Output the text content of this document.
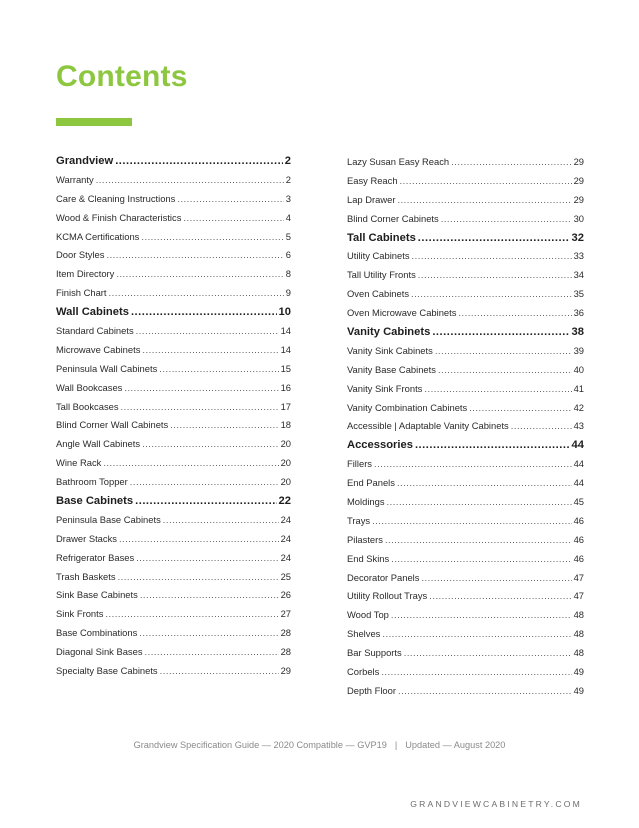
Contents
Grandview .....	2
Warranty .....	2
Care & Cleaning Instructions .....	3
Wood & Finish Characteristics .....	4
KCMA Certifications .....	5
Door Styles .....	6
Item Directory .....	8
Finish Chart .....	9
Wall Cabinets .....	10
Standard Cabinets .....	14
Microwave Cabinets .....	14
Peninsula Wall Cabinets .....	15
Wall Bookcases .....	16
Tall Bookcases .....	17
Blind Corner Wall Cabinets .....	18
Angle Wall Cabinets .....	20
Wine Rack .....	20
Bathroom Topper .....	20
Base Cabinets .....	22
Peninsula Base Cabinets .....	24
Drawer Stacks .....	24
Refrigerator Bases .....	24
Trash Baskets .....	25
Sink Base Cabinets .....	26
Sink Fronts .....	27
Base Combinations .....	28
Diagonal Sink Bases .....	28
Specialty Base Cabinets .....	29
Lazy Susan Easy Reach .....	29
Easy Reach .....	29
Lap Drawer .....	29
Blind Corner Cabinets .....	30
Tall Cabinets .....	32
Utility Cabinets .....	33
Tall Utility Fronts .....	34
Oven Cabinets .....	35
Oven Microwave Cabinets .....	36
Vanity Cabinets .....	38
Vanity Sink Cabinets .....	39
Vanity Base Cabinets .....	40
Vanity Sink Fronts .....	41
Vanity Combination Cabinets .....	42
Accessible | Adaptable Vanity Cabinets .....	43
Accessories .....	44
Fillers .....	44
End Panels .....	44
Moldings .....	45
Trays .....	46
Pilasters .....	46
End Skins .....	46
Decorator Panels .....	47
Utility Rollout Trays .....	47
Wood Top .....	48
Shelves .....	48
Bar Supports .....	48
Corbels .....	49
Depth Floor .....	49
Grandview Specification Guide — 2020 Compatible — GVP19 | Updated — August 2020
GRANDVIEWCABINETRY.COM
